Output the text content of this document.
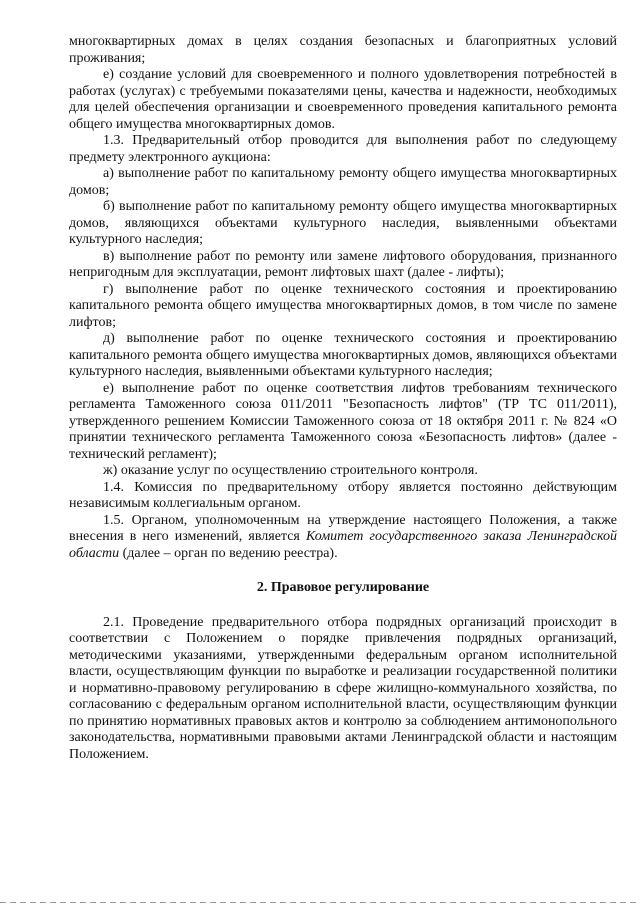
многоквартирных домах в целях создания безопасных и благоприятных условий проживания;

е) создание условий для своевременного и полного удовлетворения потребностей в работах (услугах) с требуемыми показателями цены, качества и надежности, необходимых для целей обеспечения организации и своевременного проведения капитального ремонта общего имущества многоквартирных домов.

1.3. Предварительный отбор проводится для выполнения работ по следующему предмету электронного аукциона:

а) выполнение работ по капитальному ремонту общего имущества многоквартирных домов;

б) выполнение работ по капитальному ремонту общего имущества многоквартирных домов, являющихся объектами культурного наследия, выявленными объектами культурного наследия;

в) выполнение работ по ремонту или замене лифтового оборудования, признанного непригодным для эксплуатации, ремонт лифтовых шахт (далее - лифты);

г) выполнение работ по оценке технического состояния и проектированию капитального ремонта общего имущества многоквартирных домов, в том числе по замене лифтов;

д) выполнение работ по оценке технического состояния и проектированию капитального ремонта общего имущества многоквартирных домов, являющихся объектами культурного наследия, выявленными объектами культурного наследия;

е) выполнение работ по оценке соответствия лифтов требованиям технического регламента Таможенного союза 011/2011 "Безопасность лифтов" (ТР ТС 011/2011), утвержденного решением Комиссии Таможенного союза от 18 октября 2011 г. № 824 «О принятии технического регламента Таможенного союза «Безопасность лифтов» (далее - технический регламент);

ж) оказание услуг по осуществлению строительного контроля.

1.4. Комиссия по предварительному отбору является постоянно действующим независимым коллегиальным органом.

1.5. Органом, уполномоченным на утверждение настоящего Положения, а также внесения в него изменений, является Комитет государственного заказа Ленинградской области (далее – орган по ведению реестра).

2. Правовое регулирование

2.1. Проведение предварительного отбора подрядных организаций происходит в соответствии с Положением о порядке привлечения подрядных организаций, методическими указаниями, утвержденными федеральным органом исполнительной власти, осуществляющим функции по выработке и реализации государственной политики и нормативно-правовому регулированию в сфере жилищно-коммунального хозяйства, по согласованию с федеральным органом исполнительной власти, осуществляющим функции по принятию нормативных правовых актов и контролю за соблюдением антимонопольного законодательства, нормативными правовыми актами Ленинградской области и настоящим Положением.
